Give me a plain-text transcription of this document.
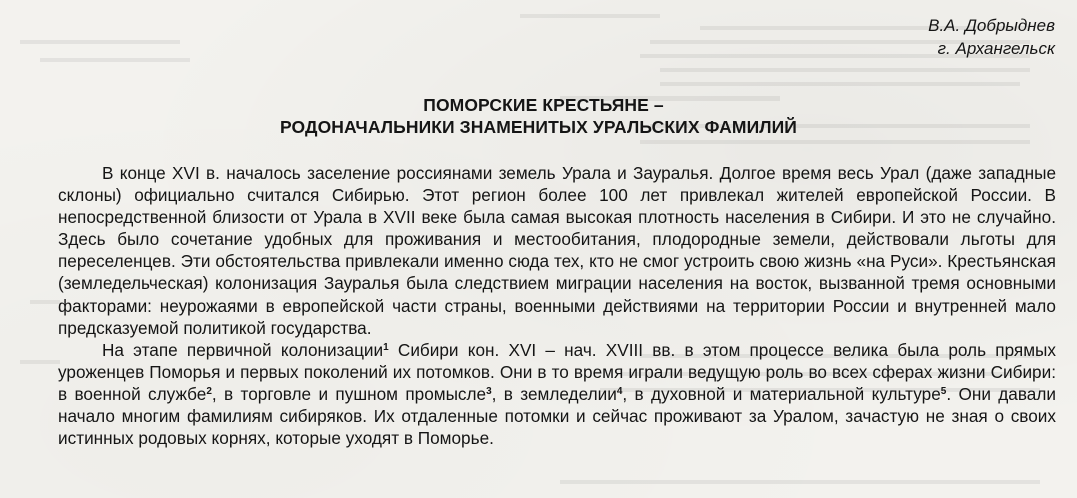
В.А. Добрыднев
г. Архангельск
ПОМОРСКИЕ КРЕСТЬЯНЕ –
РОДОНАЧАЛЬНИКИ ЗНАМЕНИТЫХ УРАЛЬСКИХ ФАМИЛИЙ

В конце XVI в. началось заселение россиянами земель Урала и Зауралья. Долгое время весь Урал (даже западные склоны) официально считался Сибирью. Этот регион более 100 лет привлекал жителей европейской России. В непосредственной близости от Урала в XVII веке была самая высокая плотность населения в Сибири. И это не случайно. Здесь было сочетание удобных для проживания и местообитания, плодородные земели, действовали льготы для переселенцев. Эти обстоятельства привлекали именно сюда тех, кто не смог устроить свою жизнь «на Руси». Крестьянская (земледельческая) колонизация Зауралья была следствием миграции населения на восток, вызванной тремя основными факторами: неурожаями в европейской части страны, военными действиями на территории России и внутренней мало предсказуемой политикой государства.

На этапе первичной колонизации$^1$ Сибири кон. XVI – нач. XVIII вв. в этом процессе велика была роль прямых уроженцев Поморья и первых поколений их потомков. Они в то время играли ведущую роль во всех сферах жизни Сибири: в военной службе$^2$, в торговле и пушном промысле$^3$, в земледелии$^4$, в духовной и материальной культуре$^5$. Они давали начало многим фамилиям сибиряков. Их отдаленные потомки и сейчас проживают за Уралом, зачастую не зная о своих истинных родовых корнях, которые уходят в Поморье.
